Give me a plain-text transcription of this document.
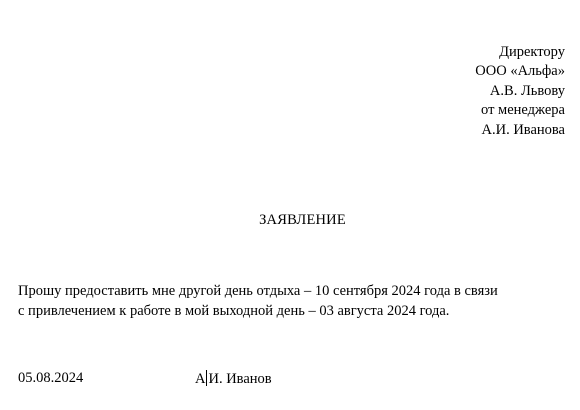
Директору
ООО «Альфа»
А.В. Львову
от менеджера
А.И. Иванова
ЗАЯВЛЕНИЕ
Прошу предоставить мне другой день отдыха – 10 сентября 2024 года в связи
с привлечением к работе в мой выходной день – 03 августа 2024 года.
05.08.2024	А И. Иванов
